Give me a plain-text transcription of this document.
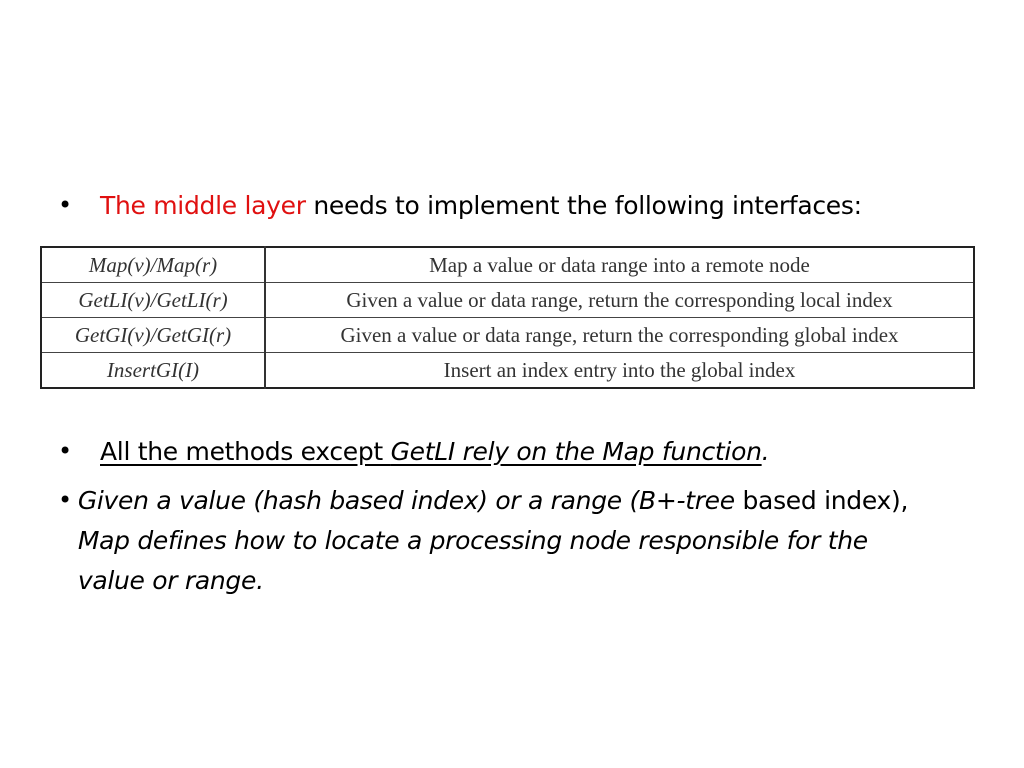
•	The middle layer needs to implement the following interfaces:
Map(v)/Map(r)	Map a value or data range into a remote node
GetLI(v)/GetLI(r)	Given a value or data range, return the corresponding local index
GetGI(v)/GetGI(r)	Given a value or data range, return the corresponding global index
InsertGI(I)	Insert an index entry into the global index
•	All the methods except GetLI rely on the Map function.
• Given a value (hash based index) or a range (B+-tree based index), Map defines how to locate a processing node responsible for the value or range.
